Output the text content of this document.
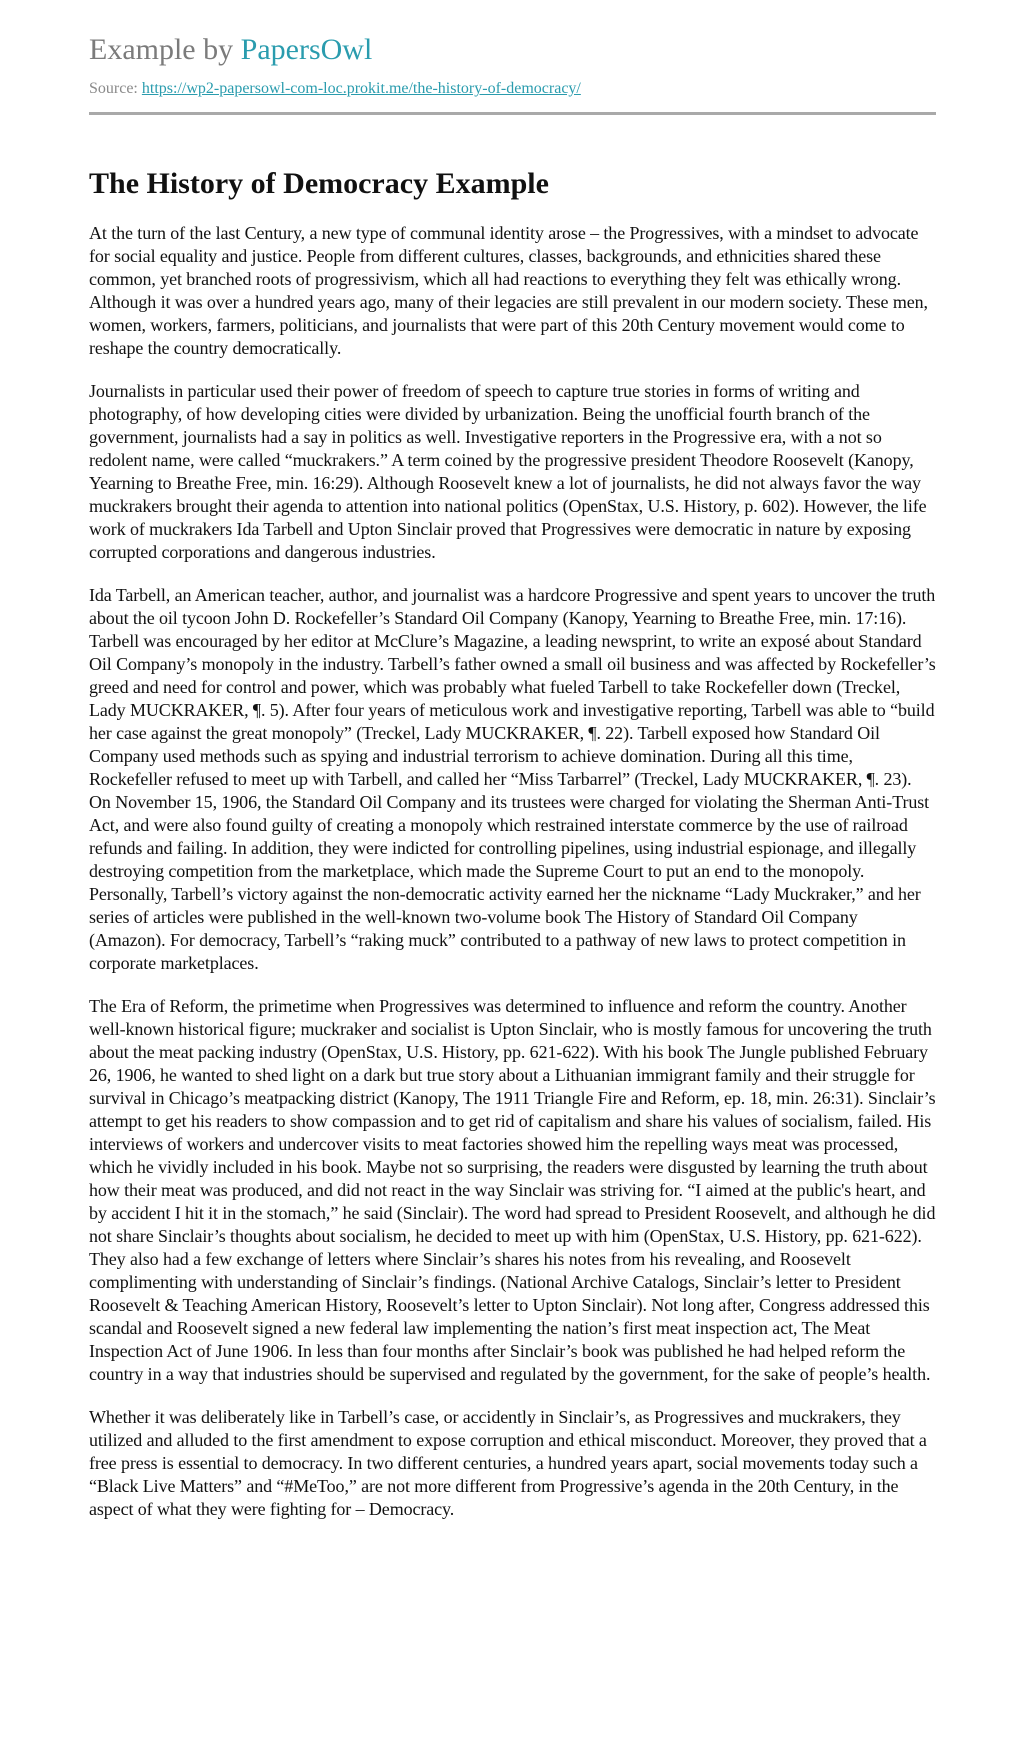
Example by PapersOwl
Source: https://wp2-papersowl-com-loc.prokit.me/the-history-of-democracy/
The History of Democracy Example

At the turn of the last Century, a new type of communal identity arose – the Progressives, with a mindset to advocate for social equality and justice. People from different cultures, classes, backgrounds, and ethnicities shared these common, yet branched roots of progressivism, which all had reactions to everything they felt was ethically wrong. Although it was over a hundred years ago, many of their legacies are still prevalent in our modern society. These men, women, workers, farmers, politicians, and journalists that were part of this 20th Century movement would come to reshape the country democratically.

Journalists in particular used their power of freedom of speech to capture true stories in forms of writing and photography, of how developing cities were divided by urbanization. Being the unofficial fourth branch of the government, journalists had a say in politics as well. Investigative reporters in the Progressive era, with a not so redolent name, were called “muckrakers.” A term coined by the progressive president Theodore Roosevelt (Kanopy, Yearning to Breathe Free, min. 16:29). Although Roosevelt knew a lot of journalists, he did not always favor the way muckrakers brought their agenda to attention into national politics (OpenStax, U.S. History, p. 602). However, the life work of muckrakers Ida Tarbell and Upton Sinclair proved that Progressives were democratic in nature by exposing corrupted corporations and dangerous industries.

Ida Tarbell, an American teacher, author, and journalist was a hardcore Progressive and spent years to uncover the truth about the oil tycoon John D. Rockefeller’s Standard Oil Company (Kanopy, Yearning to Breathe Free, min. 17:16). Tarbell was encouraged by her editor at McClure’s Magazine, a leading newsprint, to write an exposé about Standard Oil Company’s monopoly in the industry. Tarbell’s father owned a small oil business and was affected by Rockefeller’s greed and need for control and power, which was probably what fueled Tarbell to take Rockefeller down (Treckel, Lady MUCKRAKER, ¶. 5). After four years of meticulous work and investigative reporting, Tarbell was able to “build her case against the great monopoly” (Treckel, Lady MUCKRAKER, ¶. 22). Tarbell exposed how Standard Oil Company used methods such as spying and industrial terrorism to achieve domination. During all this time, Rockefeller refused to meet up with Tarbell, and called her “Miss Tarbarrel” (Treckel, Lady MUCKRAKER, ¶. 23). On November 15, 1906, the Standard Oil Company and its trustees were charged for violating the Sherman Anti-Trust Act, and were also found guilty of creating a monopoly which restrained interstate commerce by the use of railroad refunds and failing. In addition, they were indicted for controlling pipelines, using industrial espionage, and illegally destroying competition from the marketplace, which made the Supreme Court to put an end to the monopoly. Personally, Tarbell’s victory against the non-democratic activity earned her the nickname “Lady Muckraker,” and her series of articles were published in the well-known two-volume book The History of Standard Oil Company (Amazon). For democracy, Tarbell’s “raking muck” contributed to a pathway of new laws to protect competition in corporate marketplaces.

The Era of Reform, the primetime when Progressives was determined to influence and reform the country. Another well-known historical figure; muckraker and socialist is Upton Sinclair, who is mostly famous for uncovering the truth about the meat packing industry (OpenStax, U.S. History, pp. 621-622). With his book The Jungle published February 26, 1906, he wanted to shed light on a dark but true story about a Lithuanian immigrant family and their struggle for survival in Chicago’s meatpacking district (Kanopy, The 1911 Triangle Fire and Reform, ep. 18, min. 26:31). Sinclair’s attempt to get his readers to show compassion and to get rid of capitalism and share his values of socialism, failed. His interviews of workers and undercover visits to meat factories showed him the repelling ways meat was processed, which he vividly included in his book. Maybe not so surprising, the readers were disgusted by learning the truth about how their meat was produced, and did not react in the way Sinclair was striving for. “I aimed at the public's heart, and by accident I hit it in the stomach,” he said (Sinclair). The word had spread to President Roosevelt, and although he did not share Sinclair’s thoughts about socialism, he decided to meet up with him (OpenStax, U.S. History, pp. 621-622). They also had a few exchange of letters where Sinclair’s shares his notes from his revealing, and Roosevelt complimenting with understanding of Sinclair’s findings. (National Archive Catalogs, Sinclair’s letter to President Roosevelt & Teaching American History, Roosevelt’s letter to Upton Sinclair). Not long after, Congress addressed this scandal and Roosevelt signed a new federal law implementing the nation’s first meat inspection act, The Meat Inspection Act of June 1906. In less than four months after Sinclair’s book was published he had helped reform the country in a way that industries should be supervised and regulated by the government, for the sake of people’s health.

Whether it was deliberately like in Tarbell’s case, or accidently in Sinclair’s, as Progressives and muckrakers, they utilized and alluded to the first amendment to expose corruption and ethical misconduct. Moreover, they proved that a free press is essential to democracy. In two different centuries, a hundred years apart, social movements today such a “Black Live Matters” and “#MeToo,” are not more different from Progressive’s agenda in the 20th Century, in the aspect of what they were fighting for – Democracy.
